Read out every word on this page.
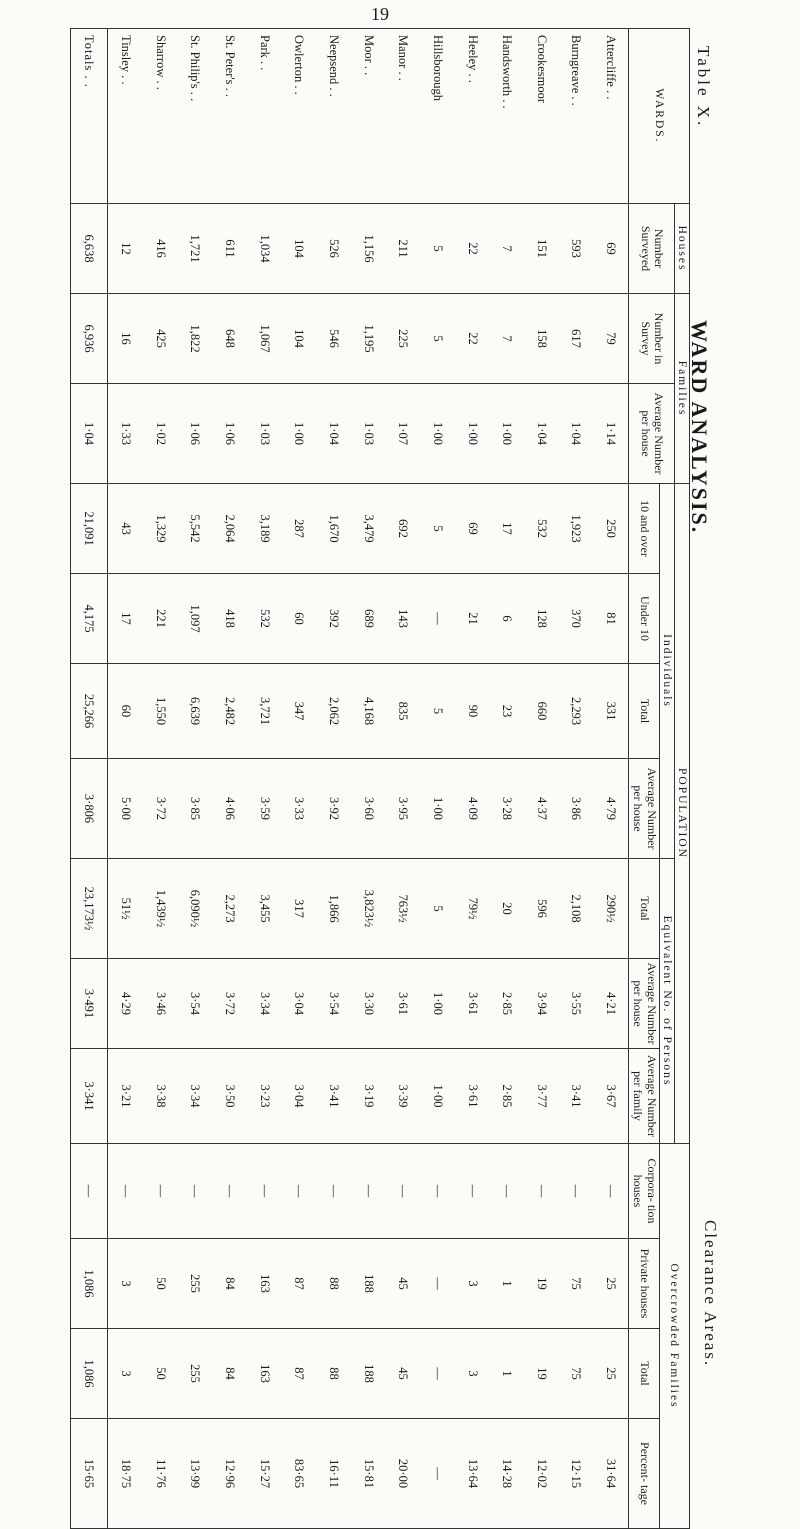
19
Table X.
WARD ANALYSIS.
Clearance Areas.
WARDS.	Houses	Families		POPULATION							Overcrowded Families			
	Number Surveyed	Number in Survey	Average Number per house	Individuals				Equivalent No. of Persons						
				10 and over	Under 10	Total	Average Number per house	Total	Average Number per house	Average Number per family	Corpora- tion houses	Private houses	Total	Percent- tage
Attercliffe . .	69	79	1·14	250	81	331	4·79	290½	4·21	3·67	—	25	25	31·64
Burngreave . .	593	617	1·04	1,923	370	2,293	3·86	2,108	3·55	3·41	—	75	75	12·15
Crookesmoor	151	158	1·04	532	128	660	4·37	596	3·94	3·77	—	19	19	12·02
Handsworth . .	7	7	1·00	17	6	23	3·28	20	2·85	2·85	—	1	1	14·28
Heeley . .	22	22	1·00	69	21	90	4·09	79½	3·61	3·61	—	3	3	13·64
Hillsborough	5	5	1·00	5	—	5	1·00	5	1·00	1·00	—	—	—	—
Manor . .	211	225	1·07	692	143	835	3·95	763½	3·61	3·39	—	45	45	20·00
Moor . .	1,156	1,195	1·03	3,479	689	4,168	3·60	3,823½	3·30	3·19	—	188	188	15·81
Neepsend . .	526	546	1·04	1,670	392	2,062	3·92	1,866	3·54	3·41	—	88	88	16·11
Owlerton . .	104	104	1·00	287	60	347	3·33	317	3·04	3·04	—	87	87	83·65
Park . .	1,034	1,067	1·03	3,189	532	3,721	3·59	3,455	3·34	3·23	—	163	163	15·27
St. Peter's . .	611	648	1·06	2,064	418	2,482	4·06	2,273	3·72	3·50	—	84	84	12·96
St. Philip's . .	1,721	1,822	1·06	5,542	1,097	6,639	3·85	6,090½	3·54	3·34	—	255	255	13·99
Sharrow . .	416	425	1·02	1,329	221	1,550	3·72	1,439½	3·46	3·38	—	50	50	11·76
Tinsley . .	12	16	1·33	43	17	60	5·00	51½	4·29	3·21	—	3	3	18·75
Totals . .	6,638	6,936	1·04	21,091	4,175	25,266	3·806	23,173½	3·491	3·341	—	1,086	1,086	15·65
